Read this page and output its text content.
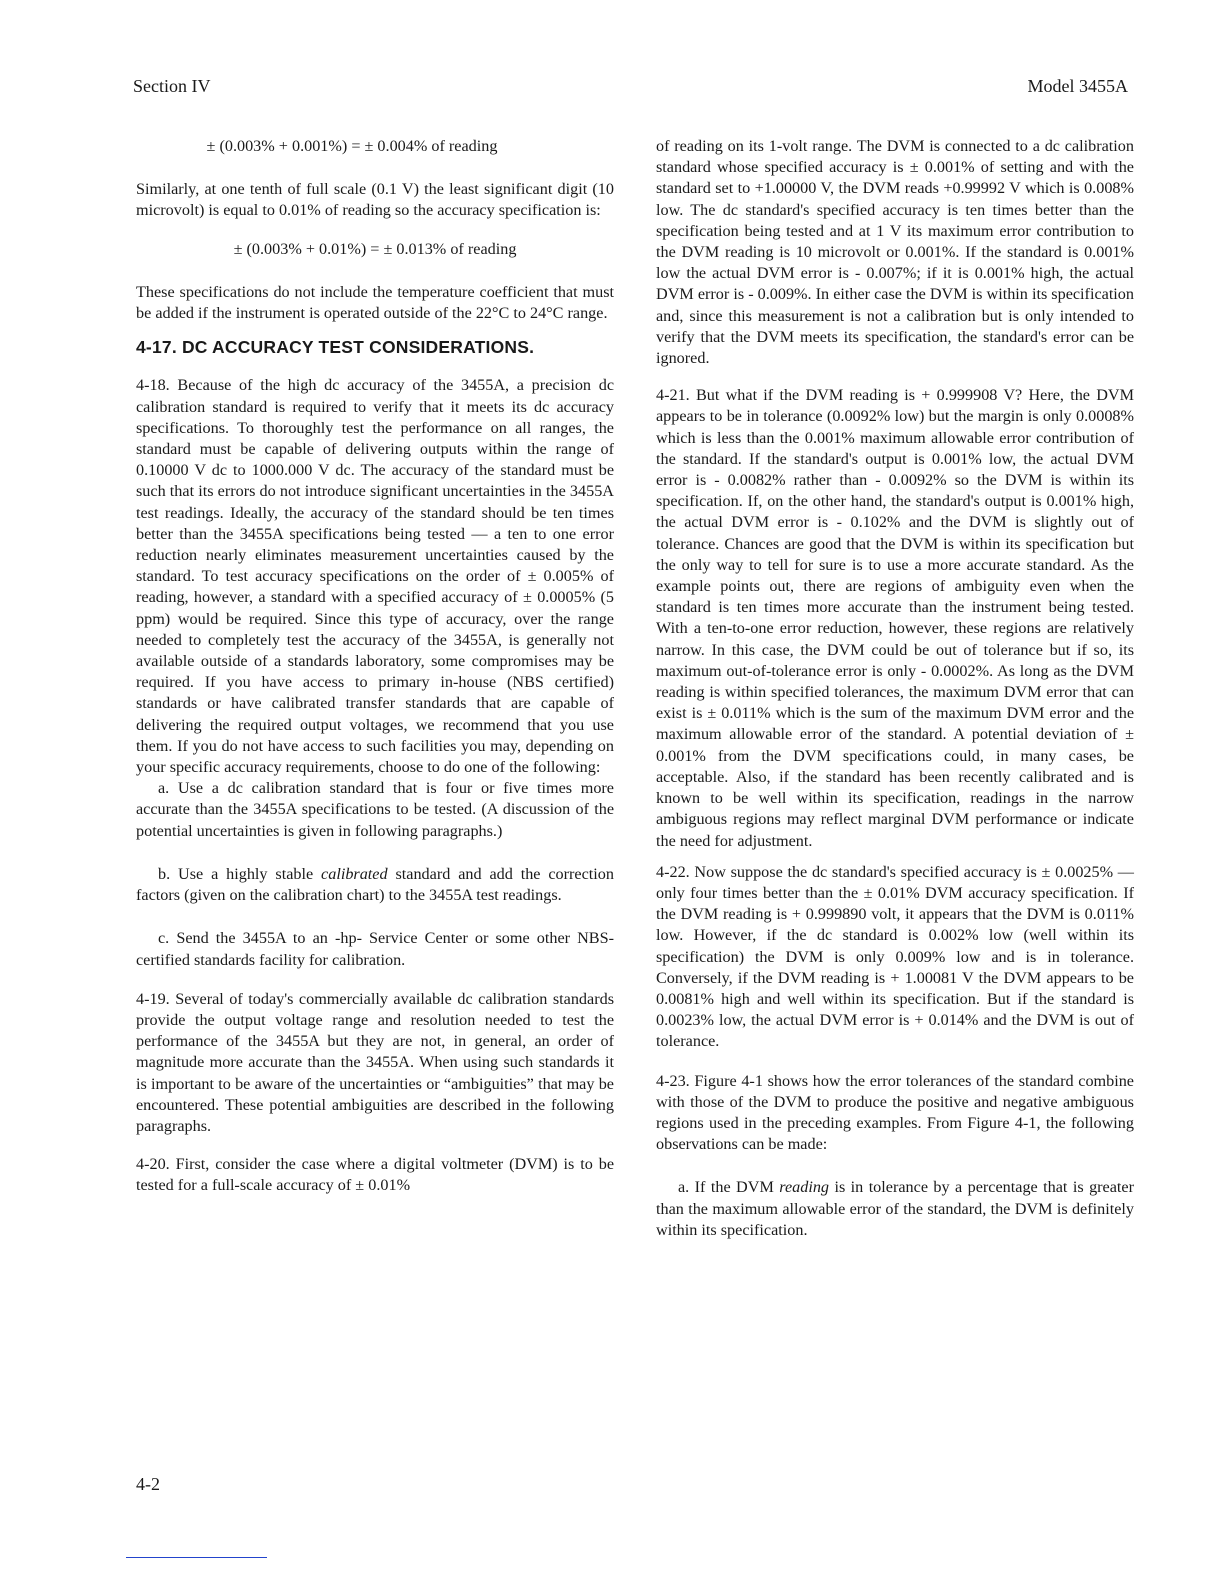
Section IV	Model 3455A

± (0.003% + 0.001%) = ± 0.004% of reading

Similarly, at one tenth of full scale (0.1 V) the least significant digit (10 microvolt) is equal to 0.01% of reading so the accuracy specification is:

± (0.003% + 0.01%) = ± 0.013% of reading

These specifications do not include the temperature coefficient that must be added if the instrument is operated outside of the 22°C to 24°C range.

4-17. DC ACCURACY TEST CONSIDERATIONS.

4-18. Because of the high dc accuracy of the 3455A, a precision dc calibration standard is required to verify that it meets its dc accuracy specifications. To thoroughly test the performance on all ranges, the standard must be capable of delivering outputs within the range of 0.10000 V dc to 1000.000 V dc. The accuracy of the standard must be such that its errors do not introduce significant uncertainties in the 3455A test readings. Ideally, the accuracy of the standard should be ten times better than the 3455A specifications being tested — a ten to one error reduction nearly eliminates measurement uncertainties caused by the standard. To test accuracy specifications on the order of ± 0.005% of reading, however, a standard with a specified accuracy of ± 0.0005% (5 ppm) would be required. Since this type of accuracy, over the range needed to completely test the accuracy of the 3455A, is generally not available outside of a standards laboratory, some compromises may be required. If you have access to primary in-house (NBS certified) standards or have calibrated transfer standards that are capable of delivering the required output voltages, we recommend that you use them. If you do not have access to such facilities you may, depending on your specific accuracy requirements, choose to do one of the following:

a. Use a dc calibration standard that is four or five times more accurate than the 3455A specifications to be tested. (A discussion of the potential uncertainties is given in following paragraphs.)

b. Use a highly stable calibrated standard and add the correction factors (given on the calibration chart) to the 3455A test readings.

c. Send the 3455A to an -hp- Service Center or some other NBS-certified standards facility for calibration.

4-19. Several of today's commercially available dc calibration standards provide the output voltage range and resolution needed to test the performance of the 3455A but they are not, in general, an order of magnitude more accurate than the 3455A. When using such standards it is important to be aware of the uncertainties or “ambiguities” that may be encountered. These potential ambiguities are described in the following paragraphs.

4-20. First, consider the case where a digital voltmeter (DVM) is to be tested for a full-scale accuracy of ± 0.01%

of reading on its 1-volt range. The DVM is connected to a dc calibration standard whose specified accuracy is ± 0.001% of setting and with the standard set to +1.00000 V, the DVM reads +0.99992 V which is 0.008% low. The dc standard's specified accuracy is ten times better than the specification being tested and at 1 V its maximum error contribution to the DVM reading is 10 microvolt or 0.001%. If the standard is 0.001% low the actual DVM error is - 0.007%; if it is 0.001% high, the actual DVM error is - 0.009%. In either case the DVM is within its specification and, since this measurement is not a calibration but is only intended to verify that the DVM meets its specification, the standard's error can be ignored.

4-21. But what if the DVM reading is + 0.999908 V? Here, the DVM appears to be in tolerance (0.0092% low) but the margin is only 0.0008% which is less than the 0.001% maximum allowable error contribution of the standard. If the standard's output is 0.001% low, the actual DVM error is - 0.0082% rather than - 0.0092% so the DVM is within its specification. If, on the other hand, the standard's output is 0.001% high, the actual DVM error is - 0.102% and the DVM is slightly out of tolerance. Chances are good that the DVM is within its specification but the only way to tell for sure is to use a more accurate standard. As the example points out, there are regions of ambiguity even when the standard is ten times more accurate than the instrument being tested. With a ten-to-one error reduction, however, these regions are relatively narrow. In this case, the DVM could be out of tolerance but if so, its maximum out-of-tolerance error is only - 0.0002%. As long as the DVM reading is within specified tolerances, the maximum DVM error that can exist is ± 0.011% which is the sum of the maximum DVM error and the maximum allowable error of the standard. A potential deviation of ± 0.001% from the DVM specifications could, in many cases, be acceptable. Also, if the standard has been recently calibrated and is known to be well within its specification, readings in the narrow ambiguous regions may reflect marginal DVM performance or indicate the need for adjustment.

4-22. Now suppose the dc standard's specified accuracy is ± 0.0025% — only four times better than the ± 0.01% DVM accuracy specification. If the DVM reading is + 0.999890 volt, it appears that the DVM is 0.011% low. However, if the dc standard is 0.002% low (well within its specification) the DVM is only 0.009% low and is in tolerance. Conversely, if the DVM reading is + 1.00081 V the DVM appears to be 0.0081% high and well within its specification. But if the standard is 0.0023% low, the actual DVM error is + 0.014% and the DVM is out of tolerance.

4-23. Figure 4-1 shows how the error tolerances of the standard combine with those of the DVM to produce the positive and negative ambiguous regions used in the preceding examples. From Figure 4-1, the following observations can be made:

a. If the DVM reading is in tolerance by a percentage that is greater than the maximum allowable error of the standard, the DVM is definitely within its specification.

4-2
